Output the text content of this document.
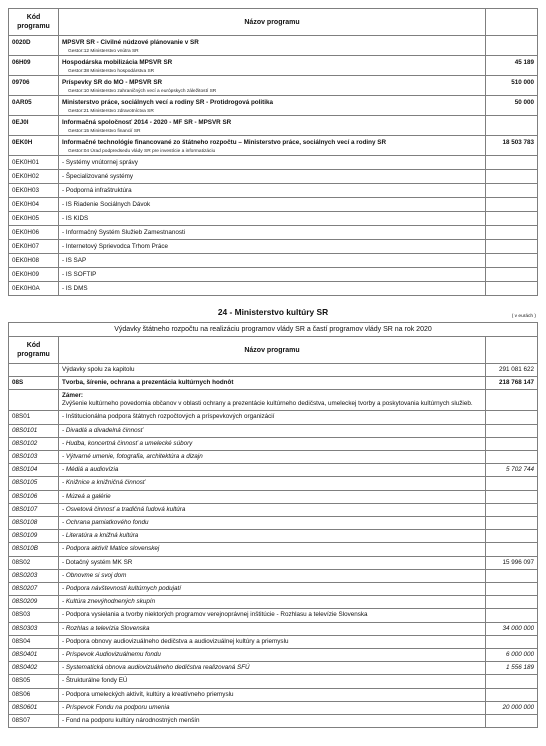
Kód programu	Názov programu	
0020D	MPSVR SR - Civilné núdzové plánovanie v SR
Gestor:12 Ministerstvo vnútra SR	

06H09	Hospodárska mobilizácia MPSVR SR
Gestor:38 Ministerstvo hospodárstva SR	45 189
09706	Príspevky SR do MO - MPSVR SR
Gestor:10 Ministerstvo zahraničných vecí a európskych záležitostí SR	510 000
0AR05	Ministerstvo práce, sociálnych vecí a rodiny SR - Protidrogová politika
Gestor:21 Ministerstvo zdravotníctva SR	50 000
0EJ0I	Informačná spoločnosť 2014 - 2020 - MF SR - MPSVR SR
Gestor:15 Ministerstvo financií SR	

0EK0H	Informačné technológie financované zo štátneho rozpočtu – Ministerstvo práce, sociálnych vecí a rodiny SR
Gestor:04 Úrad podpredsedu vlády SR pre investície a informatizáciu	18 503 783
0EK0H01	- Systémy vnútornej správy	
0EK0H02	- Špecializované systémy	
0EK0H03	- Podporná infraštruktúra	
0EK0H04	- IS Riadenie Sociálnych Dávok	
0EK0H05	- IS KIDS	
0EK0H06	- Informačný Systém Služieb Zamestnanosti	
0EK0H07	- Internetový Sprievodca Trhom Práce	
0EK0H08	- IS SAP	
0EK0H09	- IS SOFTIP	
0EK0H0A	- IS DMS	
24 - Ministerstvo kultúry SR	( v eurách )
Výdavky štátneho rozpočtu na realizáciu programov vlády SR a častí programov vlády SR na rok 2020		
Kód programu	Názov programu	
	Výdavky spolu za kapitolu	291 081 622
08S	Tvorba, šírenie, ochrana a prezentácia kultúrnych hodnôt	218 768 147

	Zámer:
Zvýšenie kultúrneho povedomia občanov v oblasti ochrany a prezentácie kultúrneho dedičstva, umeleckej tvorby a poskytovania kultúrnych služieb.	
08S01	- Inštitucionálna podpora štátnych rozpočtových a príspevkových organizácií	
08S0101	- Divadlá a divadelná činnosť	
08S0102	- Hudba, koncertná činnosť a umelecké súbory	
08S0103	- Výtvarné umenie, fotografia, architektúra a dizajn	
08S0104	- Médiá a audiovízia	5 702 744
08S0105	- Knižnice a knižničná činnosť	
08S0106	- Múzeá a galérie	
08S0107	- Osvetová činnosť a tradičná ľudová kultúra	
08S0108	- Ochrana pamiatkového fondu	
08S0109	- Literatúra a knižná kultúra	
08S010B	- Podpora aktivít Matice slovenskej	
08S02	- Dotačný systém MK SR	15 996 097
08S0203	- Obnovme si svoj dom	
08S0207	- Podpora návštevnosti kultúrnych podujatí	
08S0209	- Kultúra znevýhodnených skupín	
08S03	- Podpora vysielania a tvorby niektorých programov verejnoprávnej inštitúcie - Rozhlasu a televízie Slovenska	
08S0303	- Rozhlas a televízia Slovenska	34 000 000
08S04	- Podpora obnovy audiovizuálneho dedičstva a audiovizuálnej kultúry a priemyslu	
08S0401	- Príspevok Audiovizuálnemu fondu	6 000 000
08S0402	- Systematická obnova audiovizuálneho dedičstva realizovaná SFÚ	1 556 189
08S05	- Štrukturálne fondy EÚ	
08S06	- Podpora umeleckých aktivít, kultúry a kreatívneho priemyslu	
08S0601	- Príspevok Fondu na podporu umenia	20 000 000
08S07	- Fond na podporu kultúry národnostných menšín	
